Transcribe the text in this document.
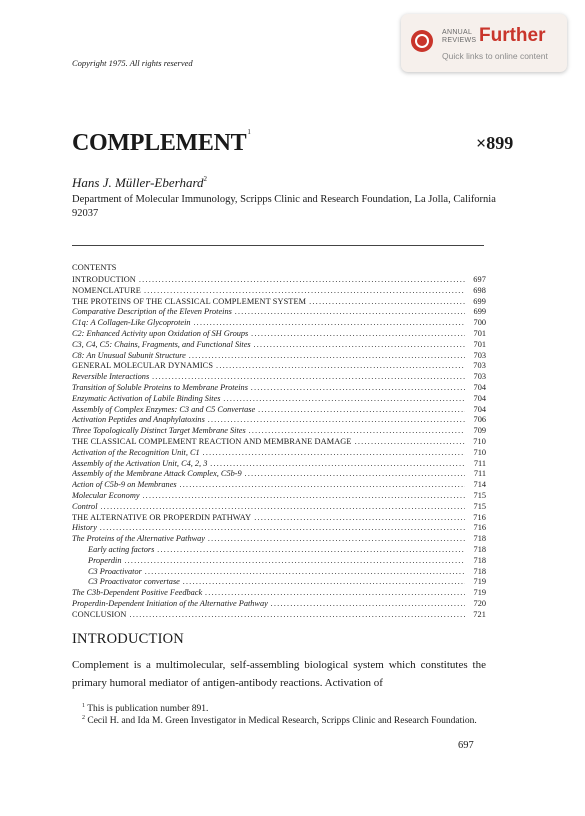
ANNUAL REVIEWS Further
Quick links to online content
Copyright 1975. All rights reserved
$COMPLEMENT^1$
×899
Hans J. Müller-Eberhard$^2$
Department of Molecular Immunology, Scripps Clinic and Research Foundation, La Jolla, California 92037
CONTENTS
INTRODUCTION .....	697
NOMENCLATURE .....	698
THE PROTEINS OF THE CLASSICAL COMPLEMENT SYSTEM .....	699
Comparative Description of the Eleven Proteins .....	699
C1q: A Collagen-Like Glycoprotein .....	700
C2: Enhanced Activity upon Oxidation of SH Groups .....	701
C3, C4, C5: Chains, Fragments, and Functional Sites .....	701
C8: An Unusual Subunit Structure .....	703
GENERAL MOLECULAR DYNAMICS .....	703
Reversible Interactions .....	703
Transition of Soluble Proteins to Membrane Proteins .....	704
Enzymatic Activation of Labile Binding Sites .....	704
Assembly of Complex Enzymes: C3 and C5 Convertase .....	704
Activation Peptides and Anaphylatoxins .....	706
Three Topologically Distinct Target Membrane Sites .....	709
THE CLASSICAL COMPLEMENT REACTION AND MEMBRANE DAMAGE .....	710
Activation of the Recognition Unit, C1 .....	710
Assembly of the Activation Unit, C4, 2, 3 .....	711
Assembly of the Membrane Attack Complex, C5b-9 .....	711
Action of C5b-9 on Membranes .....	714
Molecular Economy .....	715
Control .....	715
THE ALTERNATIVE OR PROPERDIN PATHWAY .....	716
History .....	716
The Proteins of the Alternative Pathway .....	718
Early acting factors .....	718
Properdin .....	718
C3 Proactivator .....	718
C3 Proactivator convertase .....	719
The C3b-Dependent Positive Feedback .....	719
Properdin-Dependent Initiation of the Alternative Pathway .....	720
CONCLUSION .....	721
INTRODUCTION
Complement is a multimolecular, self-assembling biological system which constitutes the primary humoral mediator of antigen-antibody reactions. Activation of
$^1$ This is publication number 891.
$^2$ Cecil H. and Ida M. Green Investigator in Medical Research, Scripps Clinic and Research Foundation.
697
